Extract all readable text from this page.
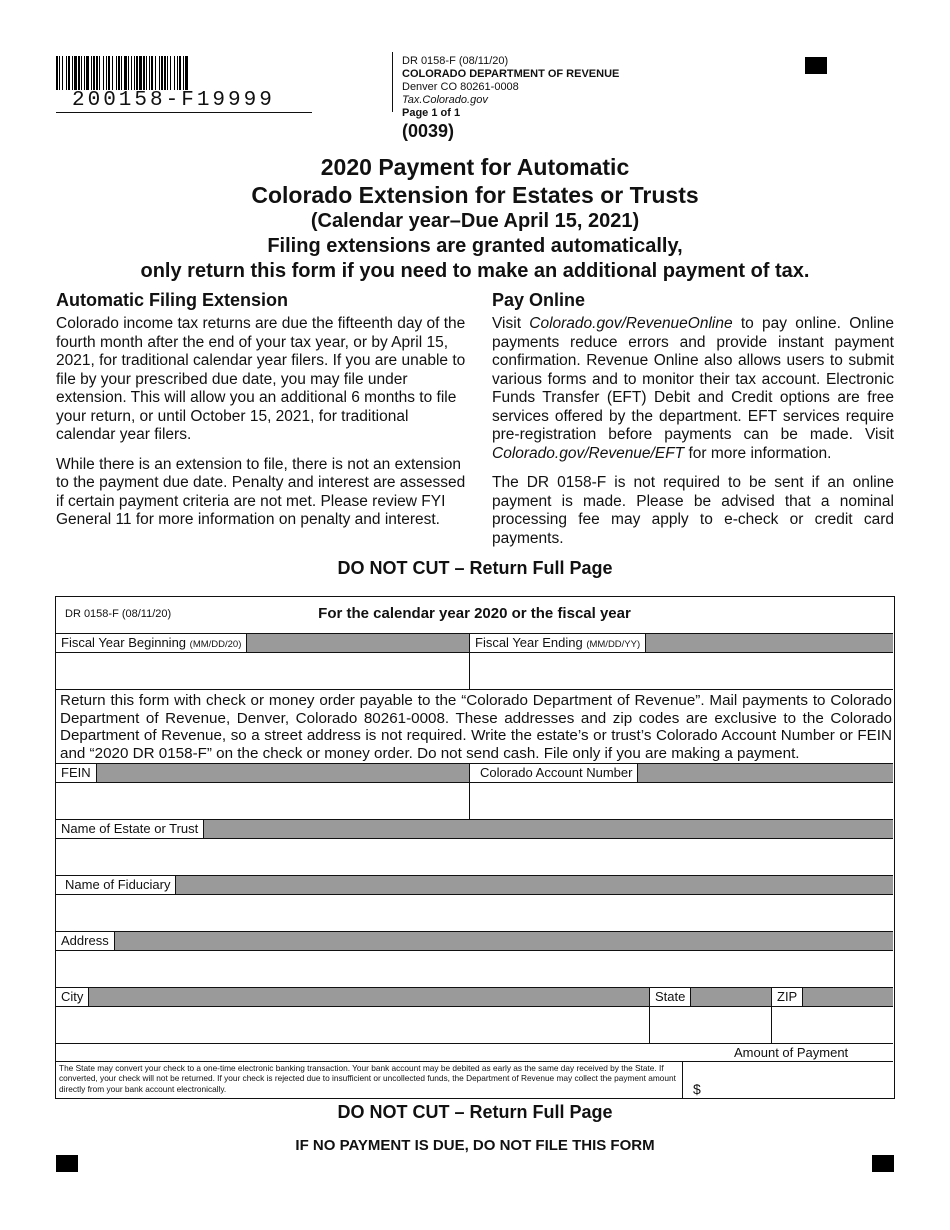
200158-F19999
DR 0158-F (08/11/20)
COLORADO DEPARTMENT OF REVENUE
Denver CO 80261-0008
Tax.Colorado.gov
Page 1 of 1
(0039)
2020 Payment for Automatic
Colorado Extension for Estates or Trusts
(Calendar year–Due April 15, 2021)
Filing extensions are granted automatically,
only return this form if you need to make an additional payment of tax.
Automatic Filing Extension

Colorado income tax returns are due the fifteenth day of the fourth month after the end of your tax year, or by April 15, 2021, for traditional calendar year filers. If you are unable to file by your prescribed due date, you may file under extension. This will allow you an additional 6 months to file your return, or until October 15, 2021, for traditional calendar year filers.

While there is an extension to file, there is not an extension to the payment due date. Penalty and interest are assessed if certain payment criteria are not met. Please review FYI General 11 for more information on penalty and interest.

Pay Online

Visit Colorado.gov/RevenueOnline to pay online. Online payments reduce errors and provide instant payment confirmation. Revenue Online also allows users to submit various forms and to monitor their tax account. Electronic Funds Transfer (EFT) Debit and Credit options are free services offered by the department. EFT services require pre-registration before payments can be made. Visit Colorado.gov/Revenue/EFT for more information.

The DR 0158-F is not required to be sent if an online payment is made. Please be advised that a nominal processing fee may apply to e-check or credit card payments.

DO NOT CUT – Return Full Page
DR 0158-F (08/11/20)	For the calendar year 2020 or the fiscal year
Fiscal Year Beginning (MM/DD/20)	Fiscal Year Ending (MM/DD/YY)
Return this form with check or money order payable to the “Colorado Department of Revenue”. Mail payments to Colorado Department of Revenue, Denver, Colorado 80261-0008. These addresses and zip codes are exclusive to the Colorado Department of Revenue, so a street address is not required. Write the estate’s or trust’s Colorado Account Number or FEIN and “2020 DR 0158-F” on the check or money order. Do not send cash. File only if you are making a payment.
FEIN	Colorado Account Number
Name of Estate or Trust
Name of Fiduciary
Address
City	State	ZIP
Amount of Payment
$
The State may convert your check to a one-time electronic banking transaction. Your bank account may be debited as early as the same day received by the State. If converted, your check will not be returned. If your check is rejected due to insufficient or uncollected funds, the Department of Revenue may collect the payment amount directly from your bank account electronically.
DO NOT CUT – Return Full Page
IF NO PAYMENT IS DUE, DO NOT FILE THIS FORM
